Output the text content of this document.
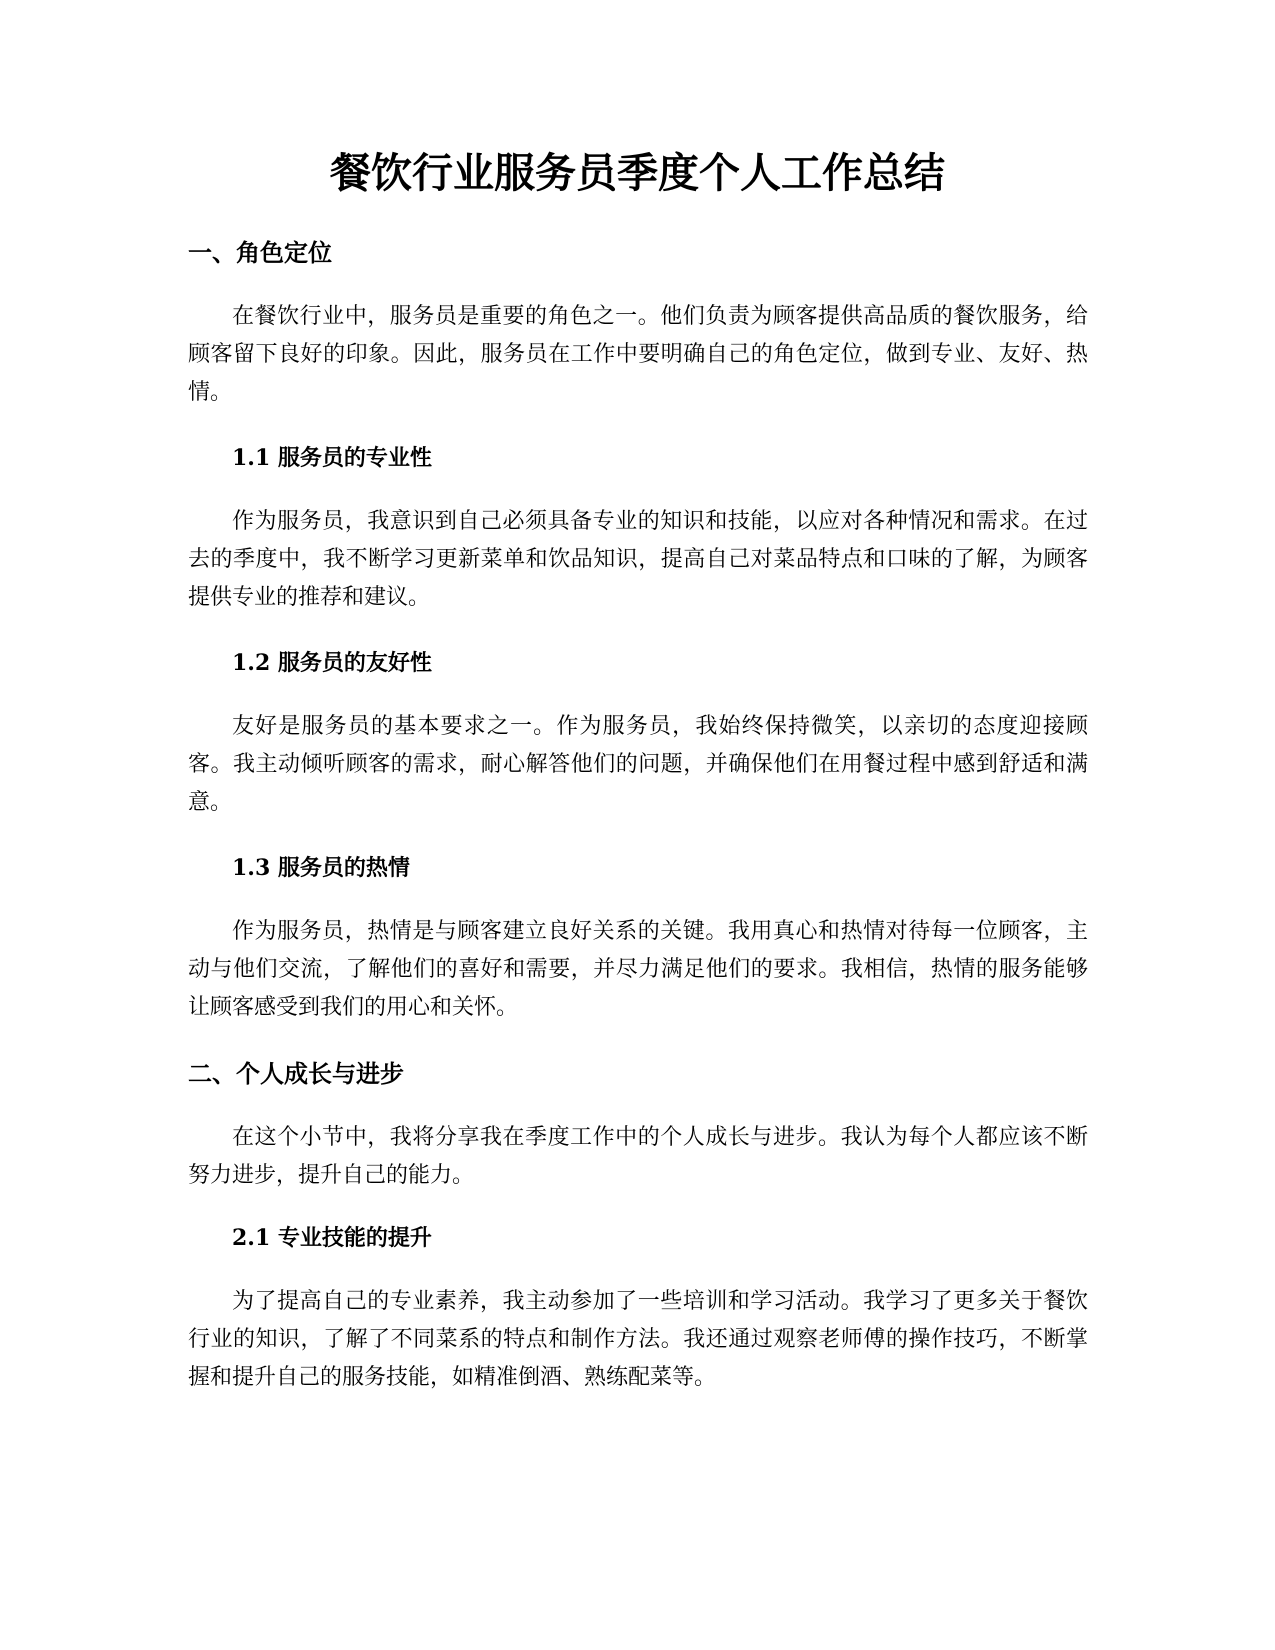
餐饮行业服务员季度个人工作总结
一、角色定位

在餐饮行业中，服务员是重要的角色之一。他们负责为顾客提供高品质的餐饮服务，给顾客留下良好的印象。因此，服务员在工作中要明确自己的角色定位，做到专业、友好、热情。

1.1 服务员的专业性

作为服务员，我意识到自己必须具备专业的知识和技能，以应对各种情况和需求。在过去的季度中，我不断学习更新菜单和饮品知识，提高自己对菜品特点和口味的了解，为顾客提供专业的推荐和建议。

1.2 服务员的友好性

友好是服务员的基本要求之一。作为服务员，我始终保持微笑，以亲切的态度迎接顾客。我主动倾听顾客的需求，耐心解答他们的问题，并确保他们在用餐过程中感到舒适和满意。

1.3 服务员的热情

作为服务员，热情是与顾客建立良好关系的关键。我用真心和热情对待每一位顾客，主动与他们交流，了解他们的喜好和需要，并尽力满足他们的要求。我相信，热情的服务能够让顾客感受到我们的用心和关怀。

二、个人成长与进步

在这个小节中，我将分享我在季度工作中的个人成长与进步。我认为每个人都应该不断努力进步，提升自己的能力。

2.1 专业技能的提升

为了提高自己的专业素养，我主动参加了一些培训和学习活动。我学习了更多关于餐饮行业的知识，了解了不同菜系的特点和制作方法。我还通过观察老师傅的操作技巧，不断掌握和提升自己的服务技能，如精准倒酒、熟练配菜等。
